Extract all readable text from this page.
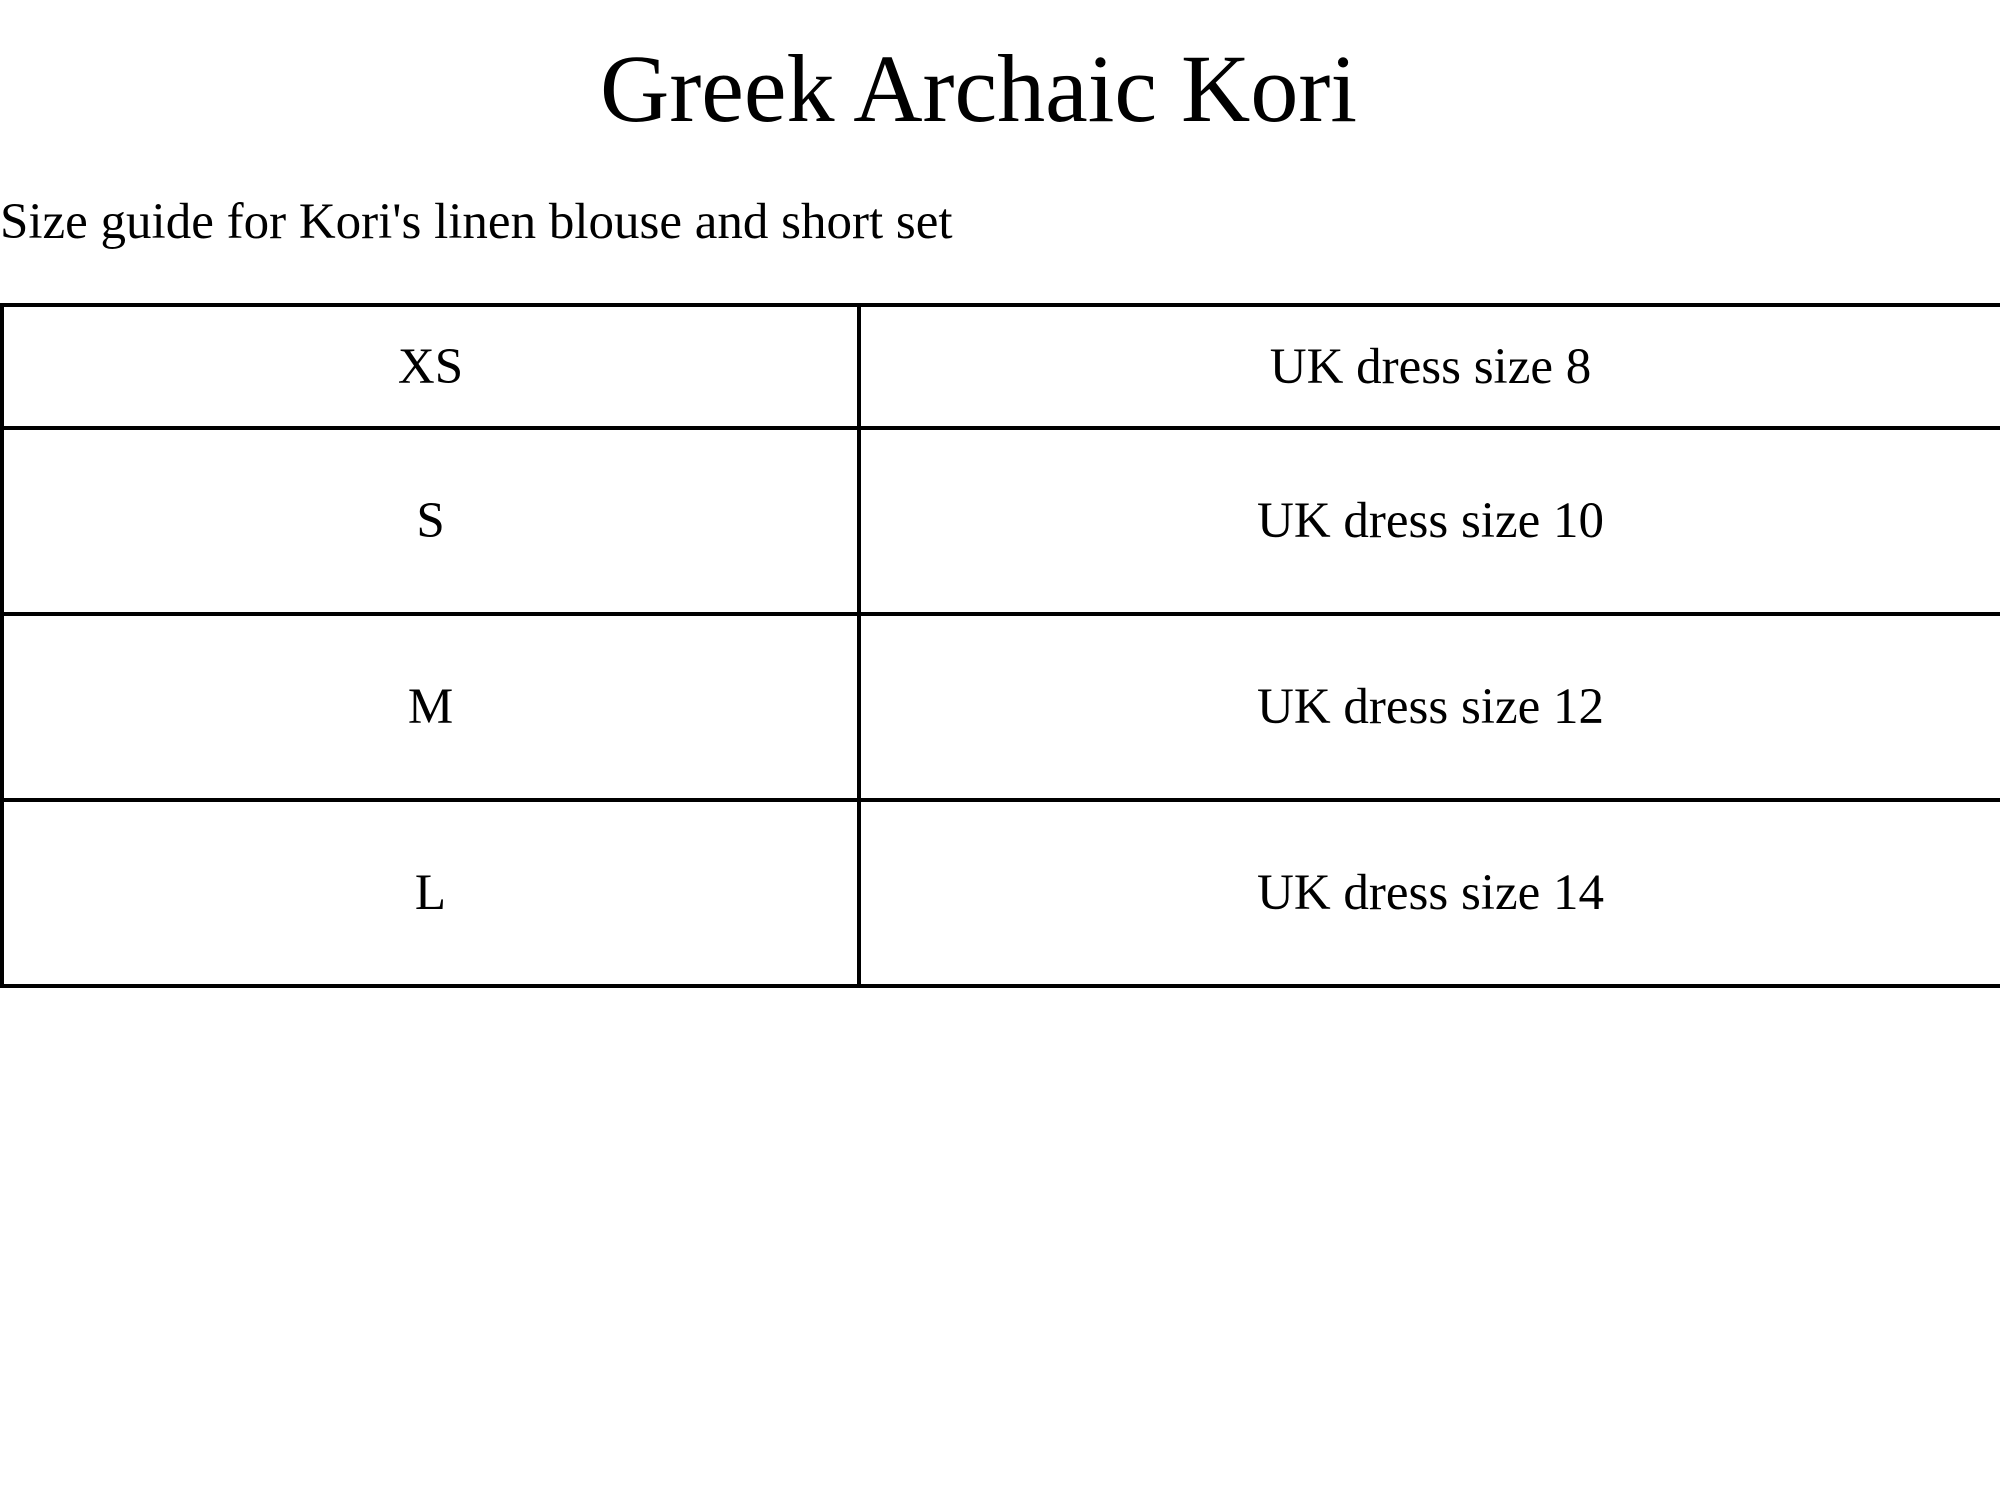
Greek Archaic Kori

Size guide for Kori's linen blouse and short set

XS	UK dress size 8
S	UK dress size 10
M	UK dress size 12
L	UK dress size 14
